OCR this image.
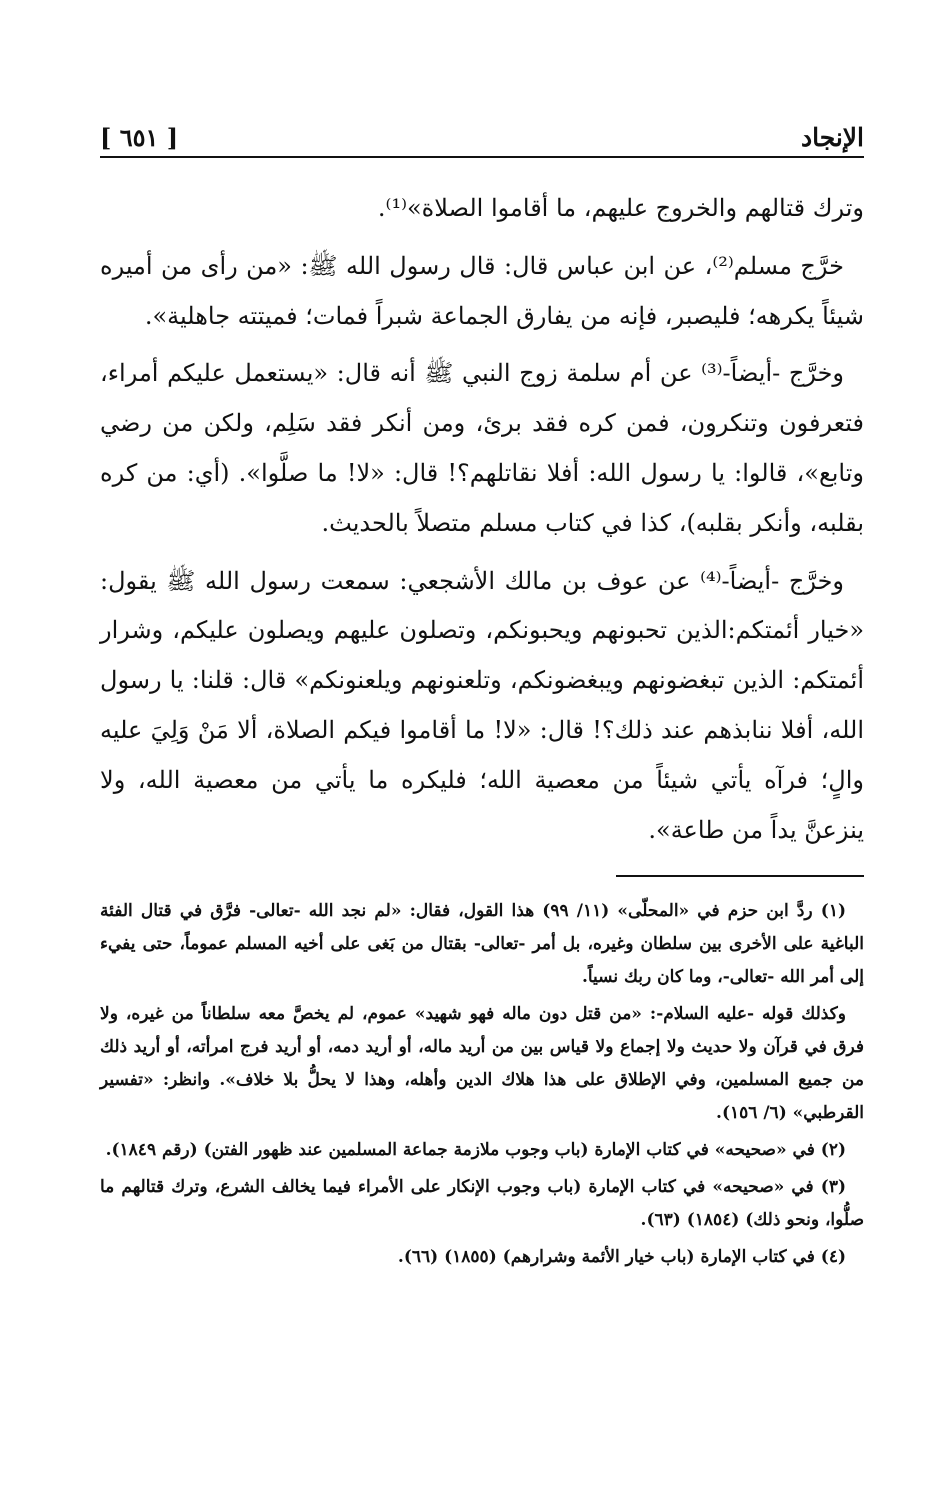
الإنجاد
[ ٦٥١ ]

وترك قتالهم والخروج عليهم، ما أقاموا الصلاة»⁽¹⁾.

خرَّج مسلم⁽²⁾، عن ابن عباس قال: قال رسول الله ﷺ: «من رأى من أميره شيئاً يكرهه؛ فليصبر، فإنه من يفارق الجماعة شبراً فمات؛ فميتته جاهلية».

وخرَّج -أيضاً-⁽³⁾ عن أم سلمة زوج النبي ﷺ أنه قال: «يستعمل عليكم أمراء، فتعرفون وتنكرون، فمن كره فقد برئ، ومن أنكر فقد سَلِم، ولكن من رضي وتابع»، قالوا: يا رسول الله: أفلا نقاتلهم؟! قال: «لا! ما صلَّوا». (أي: من كره بقلبه، وأنكر بقلبه)، كذا في كتاب مسلم متصلاً بالحديث.

وخرَّج -أيضاً-⁽⁴⁾ عن عوف بن مالك الأشجعي: سمعت رسول الله ﷺ يقول: «خيار أئمتكم:الذين تحبونهم ويحبونكم، وتصلون عليهم ويصلون عليكم، وشرار أئمتكم: الذين تبغضونهم ويبغضونكم، وتلعنونهم ويلعنونكم» قال: قلنا: يا رسول الله، أفلا ننابذهم عند ذلك؟! قال: «لا! ما أقاموا فيكم الصلاة، ألا مَنْ وَلِيَ عليه والٍ؛ فرآه يأتي شيئاً من معصية الله؛ فليكره ما يأتي من معصية الله، ولا ينزعنَّ يداً من طاعة».

(١) ردَّ ابن حزم في «المحلّى» (١١/ ٩٩) هذا القول، فقال: «لم نجد الله -تعالى- فرَّق في قتال الفئة الباغية على الأخرى بين سلطان وغيره، بل أمر -تعالى- بقتال من بَغى على أخيه المسلم عموماً، حتى يفيء إلى أمر الله -تعالى-، وما كان ربك نسياً.

وكذلك قوله -عليه السلام-: «من قتل دون ماله فهو شهيد» عموم، لم يخصَّ معه سلطاناً من غيره، ولا فرق في قرآن ولا حديث ولا إجماع ولا قياس بين من أريد ماله، أو أريد دمه، أو أريد فرج امرأته، أو أريد ذلك من جميع المسلمين، وفي الإطلاق على هذا هلاك الدين وأهله، وهذا لا يحلُّ بلا خلاف». وانظر: «تفسير القرطبي» (٦/ ١٥٦).

(٢) في «صحيحه» في كتاب الإمارة (باب وجوب ملازمة جماعة المسلمين عند ظهور الفتن) (رقم ١٨٤٩).

(٣) في «صحيحه» في كتاب الإمارة (باب وجوب الإنكار على الأمراء فيما يخالف الشرع، وترك قتالهم ما صلُّوا، ونحو ذلك) (١٨٥٤) (٦٣).

(٤) في كتاب الإمارة (باب خيار الأئمة وشرارهم) (١٨٥٥) (٦٦).
